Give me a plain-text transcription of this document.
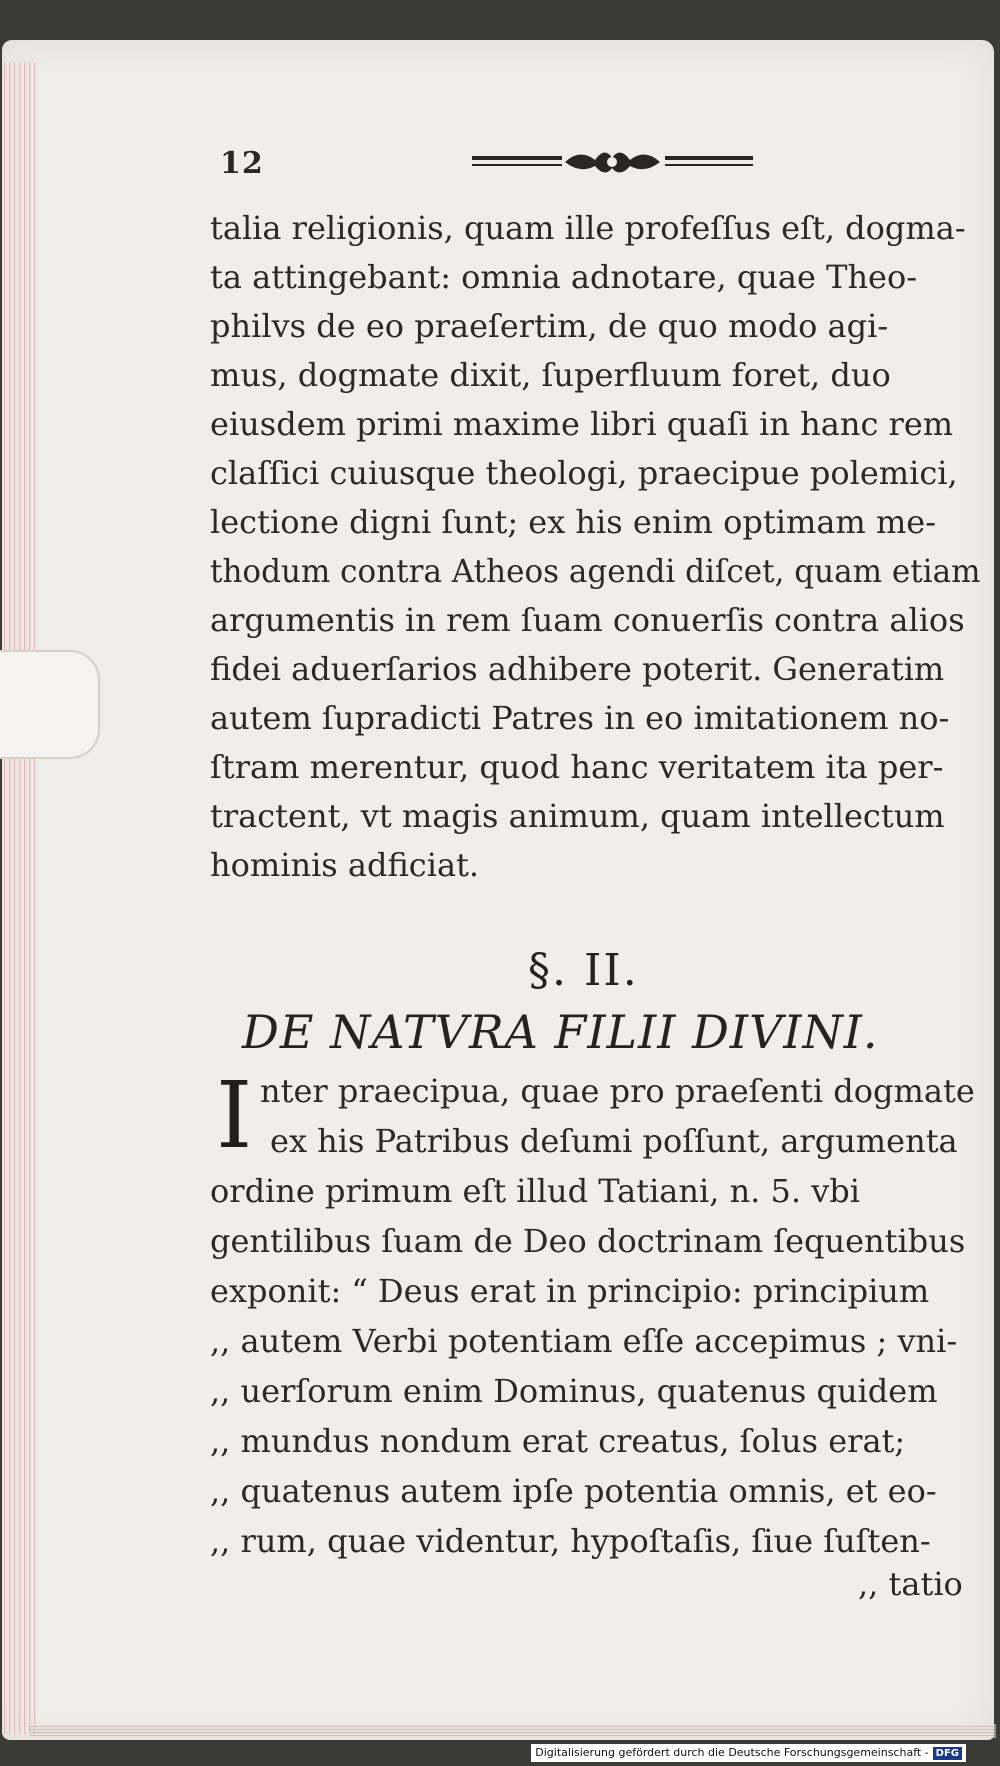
12
talia religionis, quam ille profeſſus eſt, dogma-
ta attingebant: omnia adnotare, quae Theo-
philvs de eo praeſertim, de quo modo agi-
mus, dogmate dixit, ſuperfluum foret, duo
eiusdem primi maxime libri quaſi in hanc rem
claſſici cuiusque theologi, praecipue polemici,
lectione digni ſunt; ex his enim optimam me-
thodum contra Atheos agendi diſcet, quam etiam
argumentis in rem ſuam conuerſis contra alios
fidei aduerſarios adhibere poterit. Generatim
autem ſupradicti Patres in eo imitationem no-
ſtram merentur, quod hanc veritatem ita per-
tractent, vt magis animum, quam intellectum
hominis adficiat.
§. II.
DE NATVRA FILII DIVINI.
I nter praecipua, quae pro praeſenti dogmate
ex his Patribus deſumi poſſunt, argumenta
ordine primum eſt illud Tatiani, n. 5. vbi
gentilibus ſuam de Deo doctrinam ſequentibus
exponit: “ Deus erat in principio: principium
,, autem Verbi potentiam eſſe accepimus ; vni-
,, uerſorum enim Dominus, quatenus quidem
,, mundus nondum erat creatus, ſolus erat;
,, quatenus autem ipſe potentia omnis, et eo-
,, rum, quae videntur, hypoſtaſis, ſiue ſuſten-
,, tatio
Digitalisierung gefördert durch die Deutsche Forschungsgemeinschaft - DFG
